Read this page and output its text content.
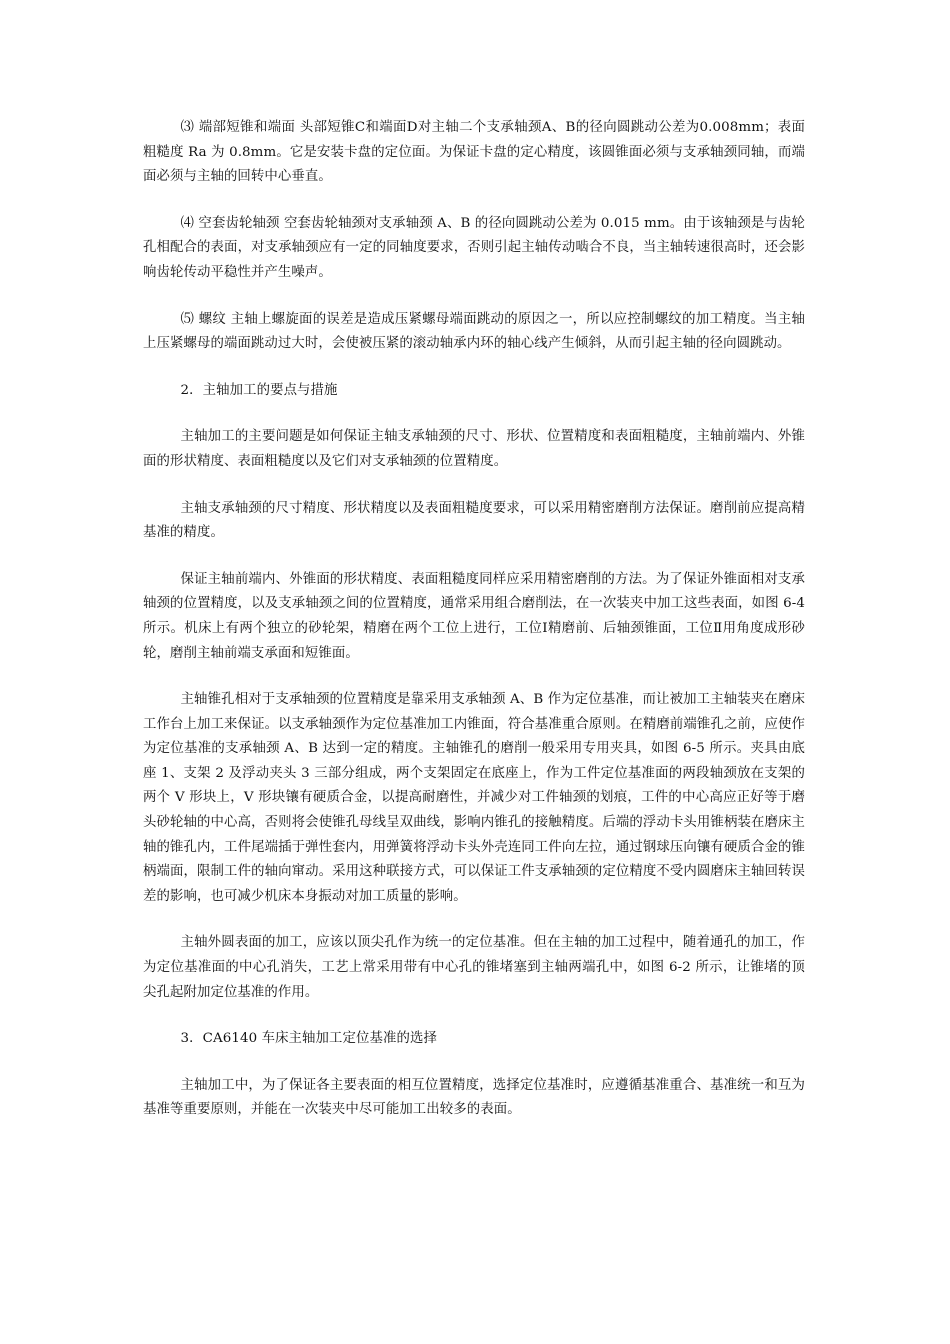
⑶ 端部短锥和端面 头部短锥C和端面D对主轴二个支承轴颈A、B的径向圆跳动公差为0.008mm；表面粗糙度 Ra 为 0.8mm。它是安装卡盘的定位面。为保证卡盘的定心精度，该圆锥面必须与支承轴颈同轴，而端面必须与主轴的回转中心垂直。

⑷ 空套齿轮轴颈 空套齿轮轴颈对支承轴颈 A、B 的径向圆跳动公差为 0.015 mm。由于该轴颈是与齿轮孔相配合的表面，对支承轴颈应有一定的同轴度要求，否则引起主轴传动啮合不良，当主轴转速很高时，还会影响齿轮传动平稳性并产生噪声。

⑸ 螺纹 主轴上螺旋面的误差是造成压紧螺母端面跳动的原因之一，所以应控制螺纹的加工精度。当主轴上压紧螺母的端面跳动过大时，会使被压紧的滚动轴承内环的轴心线产生倾斜，从而引起主轴的径向圆跳动。

2．主轴加工的要点与措施

主轴加工的主要问题是如何保证主轴支承轴颈的尺寸、形状、位置精度和表面粗糙度，主轴前端内、外锥面的形状精度、表面粗糙度以及它们对支承轴颈的位置精度。

主轴支承轴颈的尺寸精度、形状精度以及表面粗糙度要求，可以采用精密磨削方法保证。磨削前应提高精基准的精度。

保证主轴前端内、外锥面的形状精度、表面粗糙度同样应采用精密磨削的方法。为了保证外锥面相对支承轴颈的位置精度，以及支承轴颈之间的位置精度，通常采用组合磨削法，在一次装夹中加工这些表面，如图 6-4 所示。机床上有两个独立的砂轮架，精磨在两个工位上进行，工位Ⅰ精磨前、后轴颈锥面，工位Ⅱ用角度成形砂轮，磨削主轴前端支承面和短锥面。

主轴锥孔相对于支承轴颈的位置精度是靠采用支承轴颈 A、B 作为定位基准，而让被加工主轴装夹在磨床工作台上加工来保证。以支承轴颈作为定位基准加工内锥面，符合基准重合原则。在精磨前端锥孔之前，应使作为定位基准的支承轴颈 A、B 达到一定的精度。主轴锥孔的磨削一般采用专用夹具，如图 6-5 所示。夹具由底座 1、支架 2 及浮动夹头 3 三部分组成，两个支架固定在底座上，作为工件定位基准面的两段轴颈放在支架的两个 V 形块上，V 形块镶有硬质合金，以提高耐磨性，并减少对工件轴颈的划痕，工件的中心高应正好等于磨头砂轮轴的中心高，否则将会使锥孔母线呈双曲线，影响内锥孔的接触精度。后端的浮动卡头用锥柄装在磨床主轴的锥孔内，工件尾端插于弹性套内，用弹簧将浮动卡头外壳连同工件向左拉，通过钢球压向镶有硬质合金的锥柄端面，限制工件的轴向窜动。采用这种联接方式，可以保证工件支承轴颈的定位精度不受内圆磨床主轴回转误差的影响，也可减少机床本身振动对加工质量的影响。

主轴外圆表面的加工，应该以顶尖孔作为统一的定位基准。但在主轴的加工过程中，随着通孔的加工，作为定位基准面的中心孔消失，工艺上常采用带有中心孔的锥堵塞到主轴两端孔中，如图 6-2 所示，让锥堵的顶尖孔起附加定位基准的作用。

3．CA6140 车床主轴加工定位基准的选择

主轴加工中，为了保证各主要表面的相互位置精度，选择定位基准时，应遵循基准重合、基准统一和互为基准等重要原则，并能在一次装夹中尽可能加工出较多的表面。
